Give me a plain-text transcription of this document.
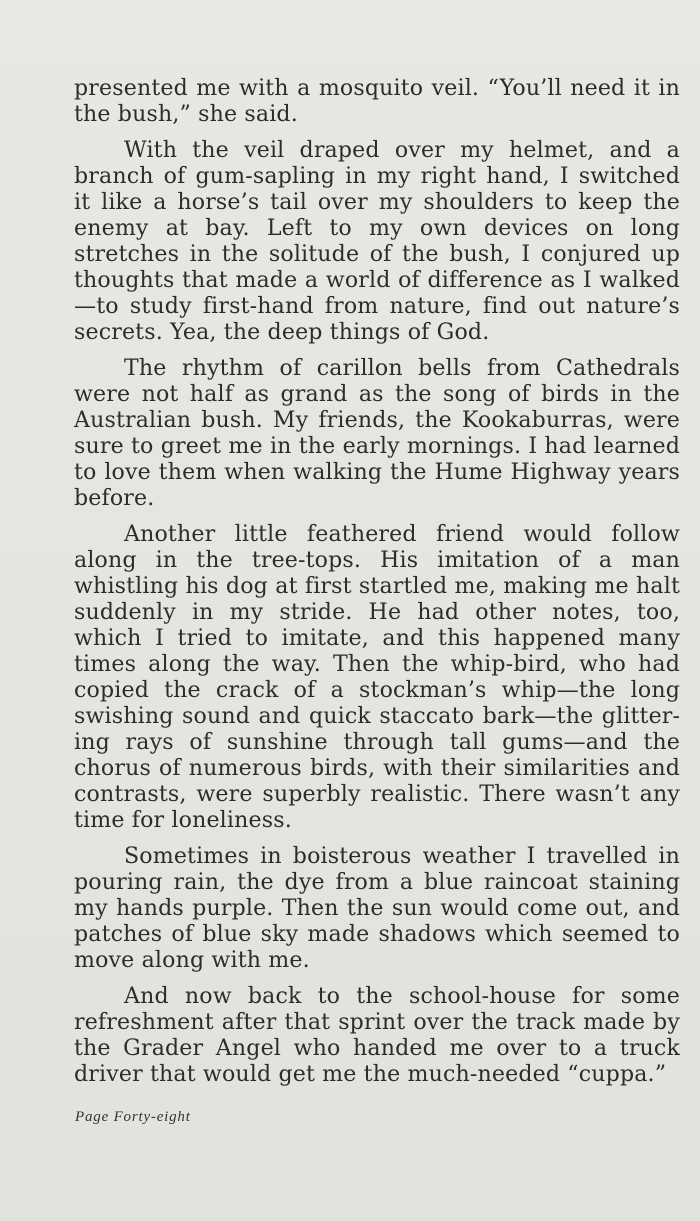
presented me with a mosquito veil. “You’ll need it in the bush,” she said.

With the veil draped over my helmet, and a branch of gum-sapling in my right hand, I switched it like a horse’s tail over my shoulders to keep the enemy at bay. Left to my own devices on long stretches in the solitude of the bush, I conjured up thoughts that made a world of difference as I walked —to study first-hand from nature, find out nature’s secrets. Yea, the deep things of God.

The rhythm of carillon bells from Cathedrals were not half as grand as the song of birds in the Australian bush. My friends, the Kookaburras, were sure to greet me in the early mornings. I had learned to love them when walking the Hume Highway years before.

Another little feathered friend would follow along in the tree-tops. His imitation of a man whistling his dog at first startled me, making me halt suddenly in my stride. He had other notes, too, which I tried to imitate, and this happened many times along the way. Then the whip-bird, who had copied the crack of a stockman’s whip—the long swishing sound and quick staccato bark—the glittering rays of sunshine through tall gums—and the chorus of numerous birds, with their similarities and contrasts, were superbly realistic. There wasn’t any time for loneliness.

Sometimes in boisterous weather I travelled in pouring rain, the dye from a blue raincoat staining my hands purple. Then the sun would come out, and patches of blue sky made shadows which seemed to move along with me.

And now back to the school-house for some refreshment after that sprint over the track made by the Grader Angel who handed me over to a truck driver that would get me the much-needed “cuppa.”

Page Forty-eight
